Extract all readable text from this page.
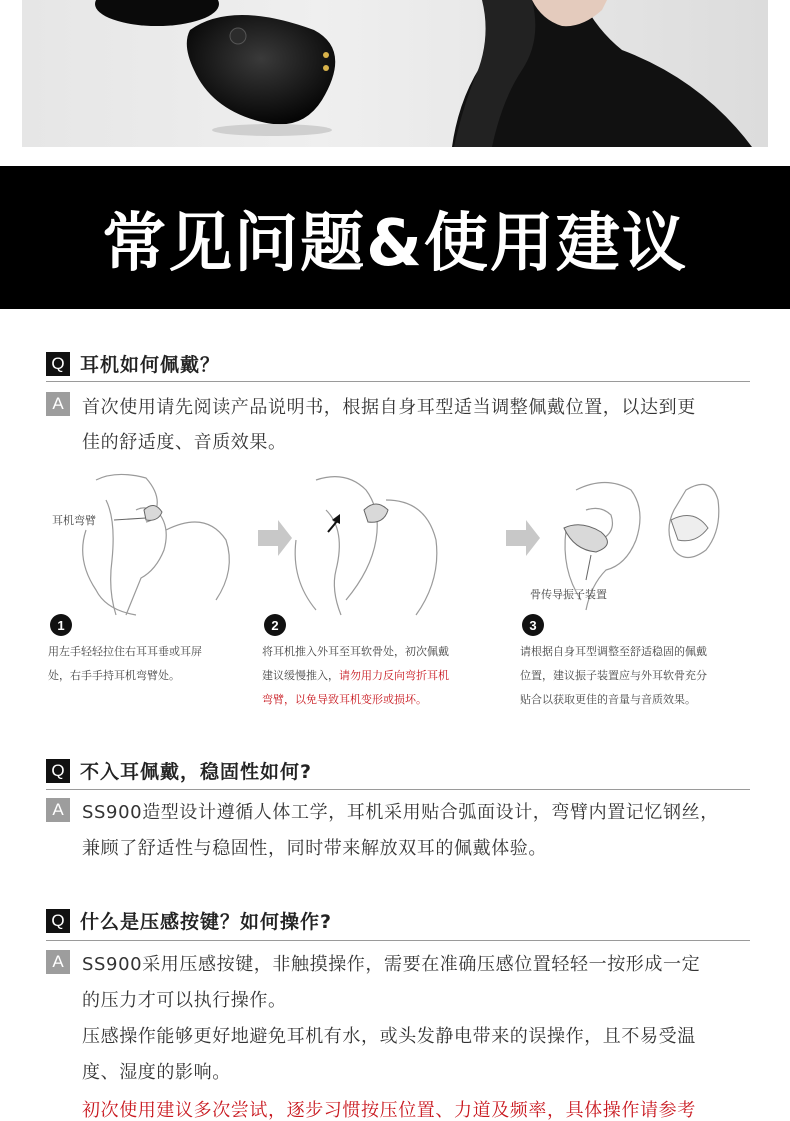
常见问题&使用建议
Q 耳机如何佩戴？
A	首次使用请先阅读产品说明书，根据自身耳型适当调整佩戴位置，以达到更
佳的舒适度、音质效果。
耳机弯臂
骨传导振子装置
1	2	3
用左手轻轻拉住右耳耳垂或耳屏
处，右手手持耳机弯臂处。
将耳机推入外耳至耳软骨处，初次佩戴
建议缓慢推入，请勿用力反向弯折耳机
弯臂，以免导致耳机变形或损坏。
请根据自身耳型调整至舒适稳固的佩戴
位置，建议振子装置应与外耳软骨充分
贴合以获取更佳的音量与音质效果。
Q 不入耳佩戴，稳固性如何?
A	SS900造型设计遵循人体工学，耳机采用贴合弧面设计，弯臂内置记忆钢丝，
兼顾了舒适性与稳固性，同时带来解放双耳的佩戴体验。
Q 什么是压感按键？如何操作?
A	SS900采用压感按键，非触摸操作，需要在准确压感位置轻轻一按形成一定
的压力才可以执行操作。
压感操作能够更好地避免耳机有水，或头发静电带来的误操作，且不易受温
度、湿度的影响。
初次使用建议多次尝试，逐步习惯按压位置、力道及频率，具体操作请参考
